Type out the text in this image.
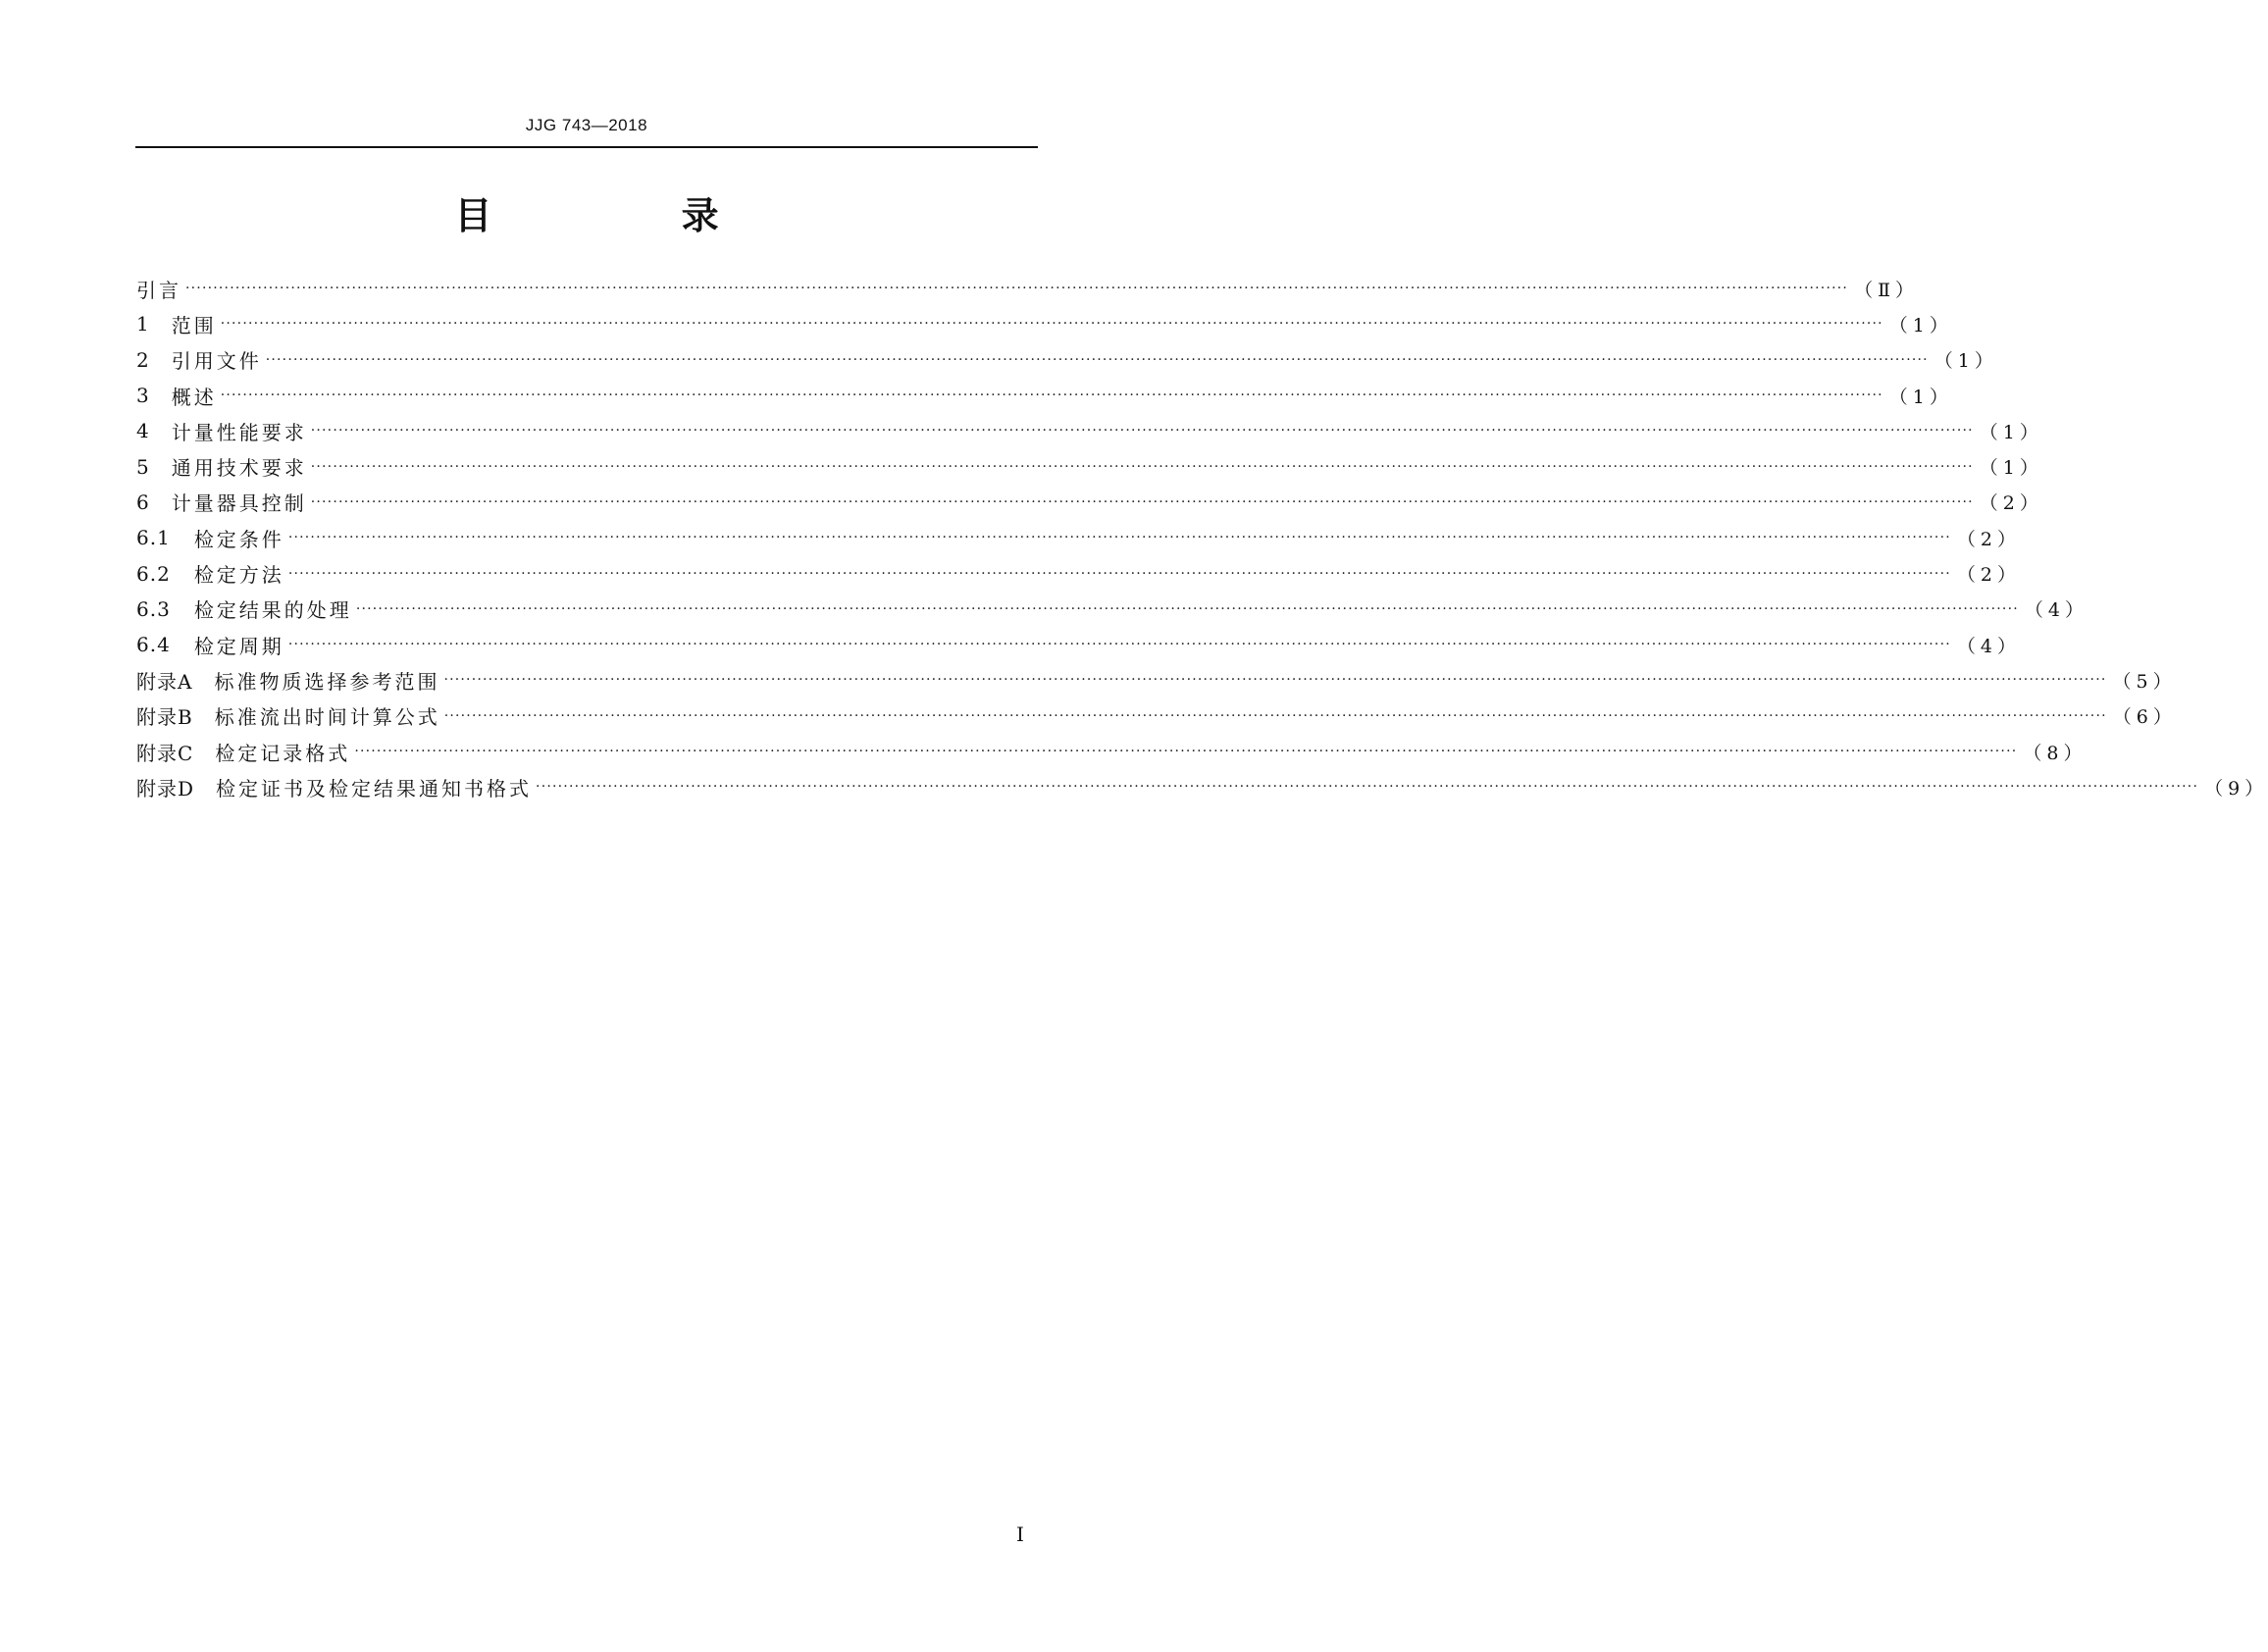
JJG 743—2018
目 录
引言 ············································································································································································································································································································ （Ⅱ）
1 范围 ············································································································································································································································································································ （1）
2 引用文件 ············································································································································································································································································································ （1）
3 概述 ············································································································································································································································································································ （1）
4 计量性能要求 ············································································································································································································································································································ （1）
5 通用技术要求 ············································································································································································································································································································ （1）
6 计量器具控制 ············································································································································································································································································································ （2）
6.1 检定条件 ············································································································································································································································································································ （2）
6.2 检定方法 ············································································································································································································································································································ （2）
6.3 检定结果的处理 ············································································································································································································································································································ （4）
6.4 检定周期 ············································································································································································································································································································ （4）
附录A 标准物质选择参考范围 ············································································································································································································································································································ （5）
附录B 标准流出时间计算公式 ············································································································································································································································································································ （6）
附录C 检定记录格式 ············································································································································································································································································································ （8）
附录D 检定证书及检定结果通知书格式 ············································································································································································································································································································ （9）
Ⅰ
